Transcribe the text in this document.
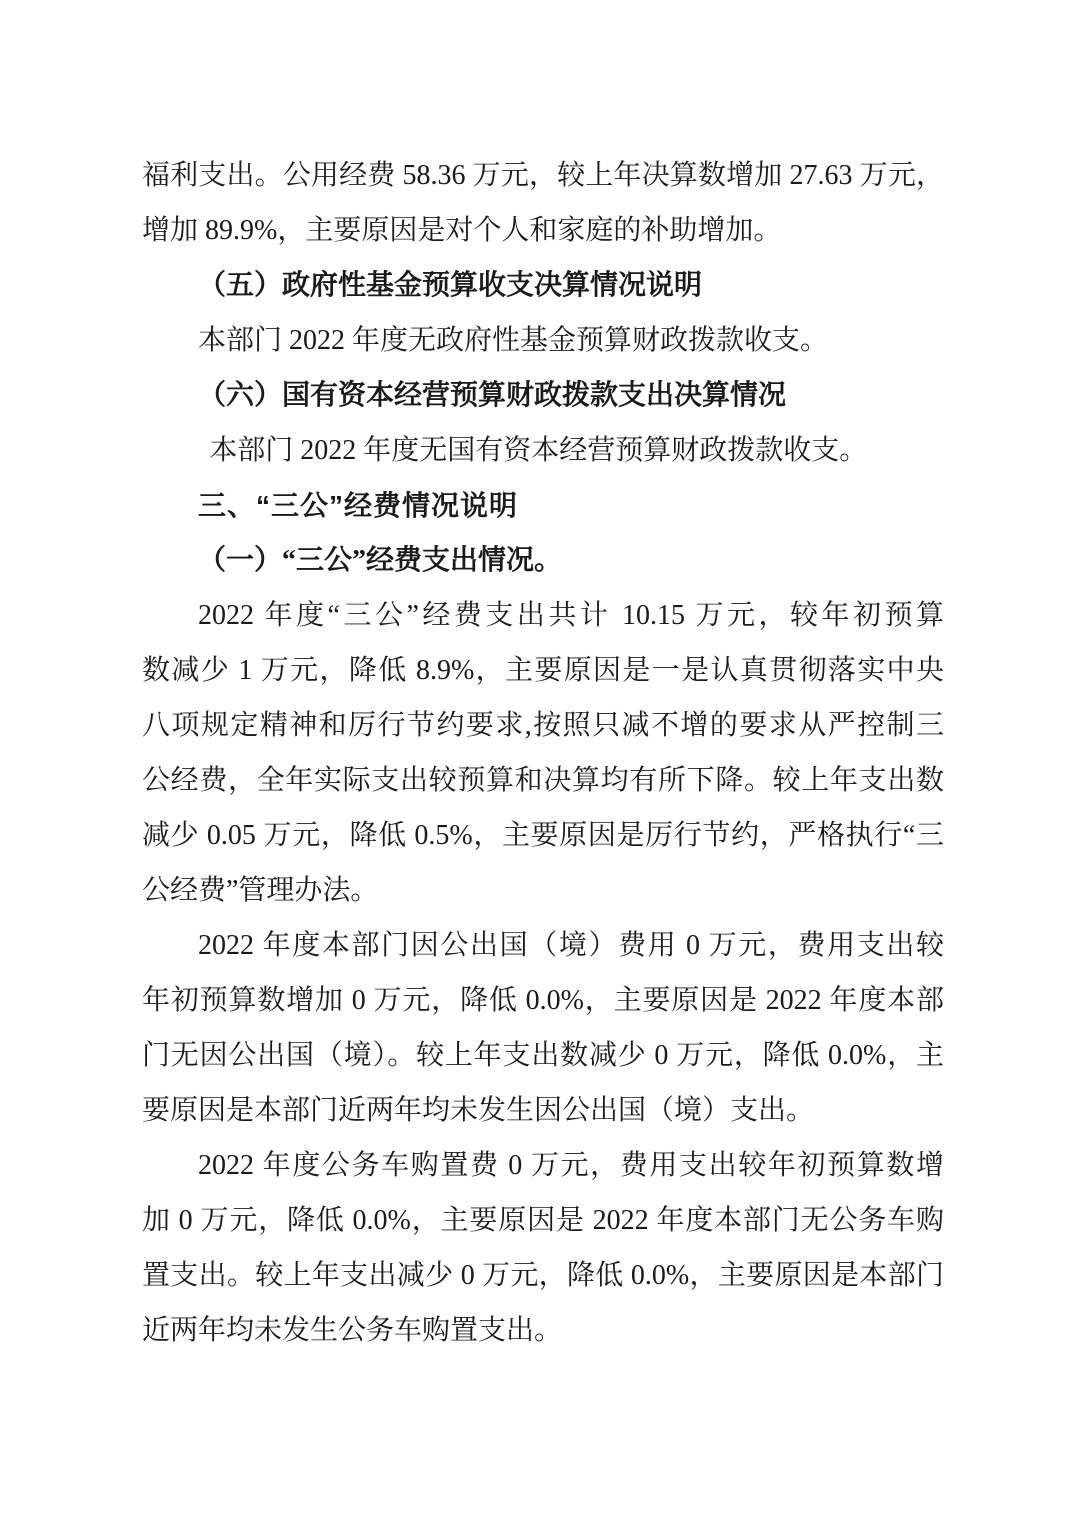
福利支出。公用经费 58.36 万元，较上年决算数增加 27.63 万元，
增加 89.9%，主要原因是对个人和家庭的补助增加。
（五）政府性基金预算收支决算情况说明
本部门 2022 年度无政府性基金预算财政拨款收支。
（六）国有资本经营预算财政拨款支出决算情况
本部门 2022 年度无国有资本经营预算财政拨款收支。
三、“三公”经费情况说明
（一）“三公”经费支出情况。
2022 年度“三公”经费支出共计 10.15 万元，较年初预算
数减少 1 万元，降低 8.9%，主要原因是一是认真贯彻落实中央
八项规定精神和厉行节约要求,按照只减不增的要求从严控制三
公经费，全年实际支出较预算和决算均有所下降。较上年支出数
减少 0.05 万元，降低 0.5%，主要原因是厉行节约，严格执行“三
公经费”管理办法。
2022 年度本部门因公出国（境）费用 0 万元，费用支出较
年初预算数增加 0 万元，降低 0.0%，主要原因是 2022 年度本部
门无因公出国（境）。较上年支出数减少 0 万元，降低 0.0%，主
要原因是本部门近两年均未发生因公出国（境）支出。
2022 年度公务车购置费 0 万元，费用支出较年初预算数增
加 0 万元，降低 0.0%，主要原因是 2022 年度本部门无公务车购
置支出。较上年支出减少 0 万元，降低 0.0%，主要原因是本部门
近两年均未发生公务车购置支出。
